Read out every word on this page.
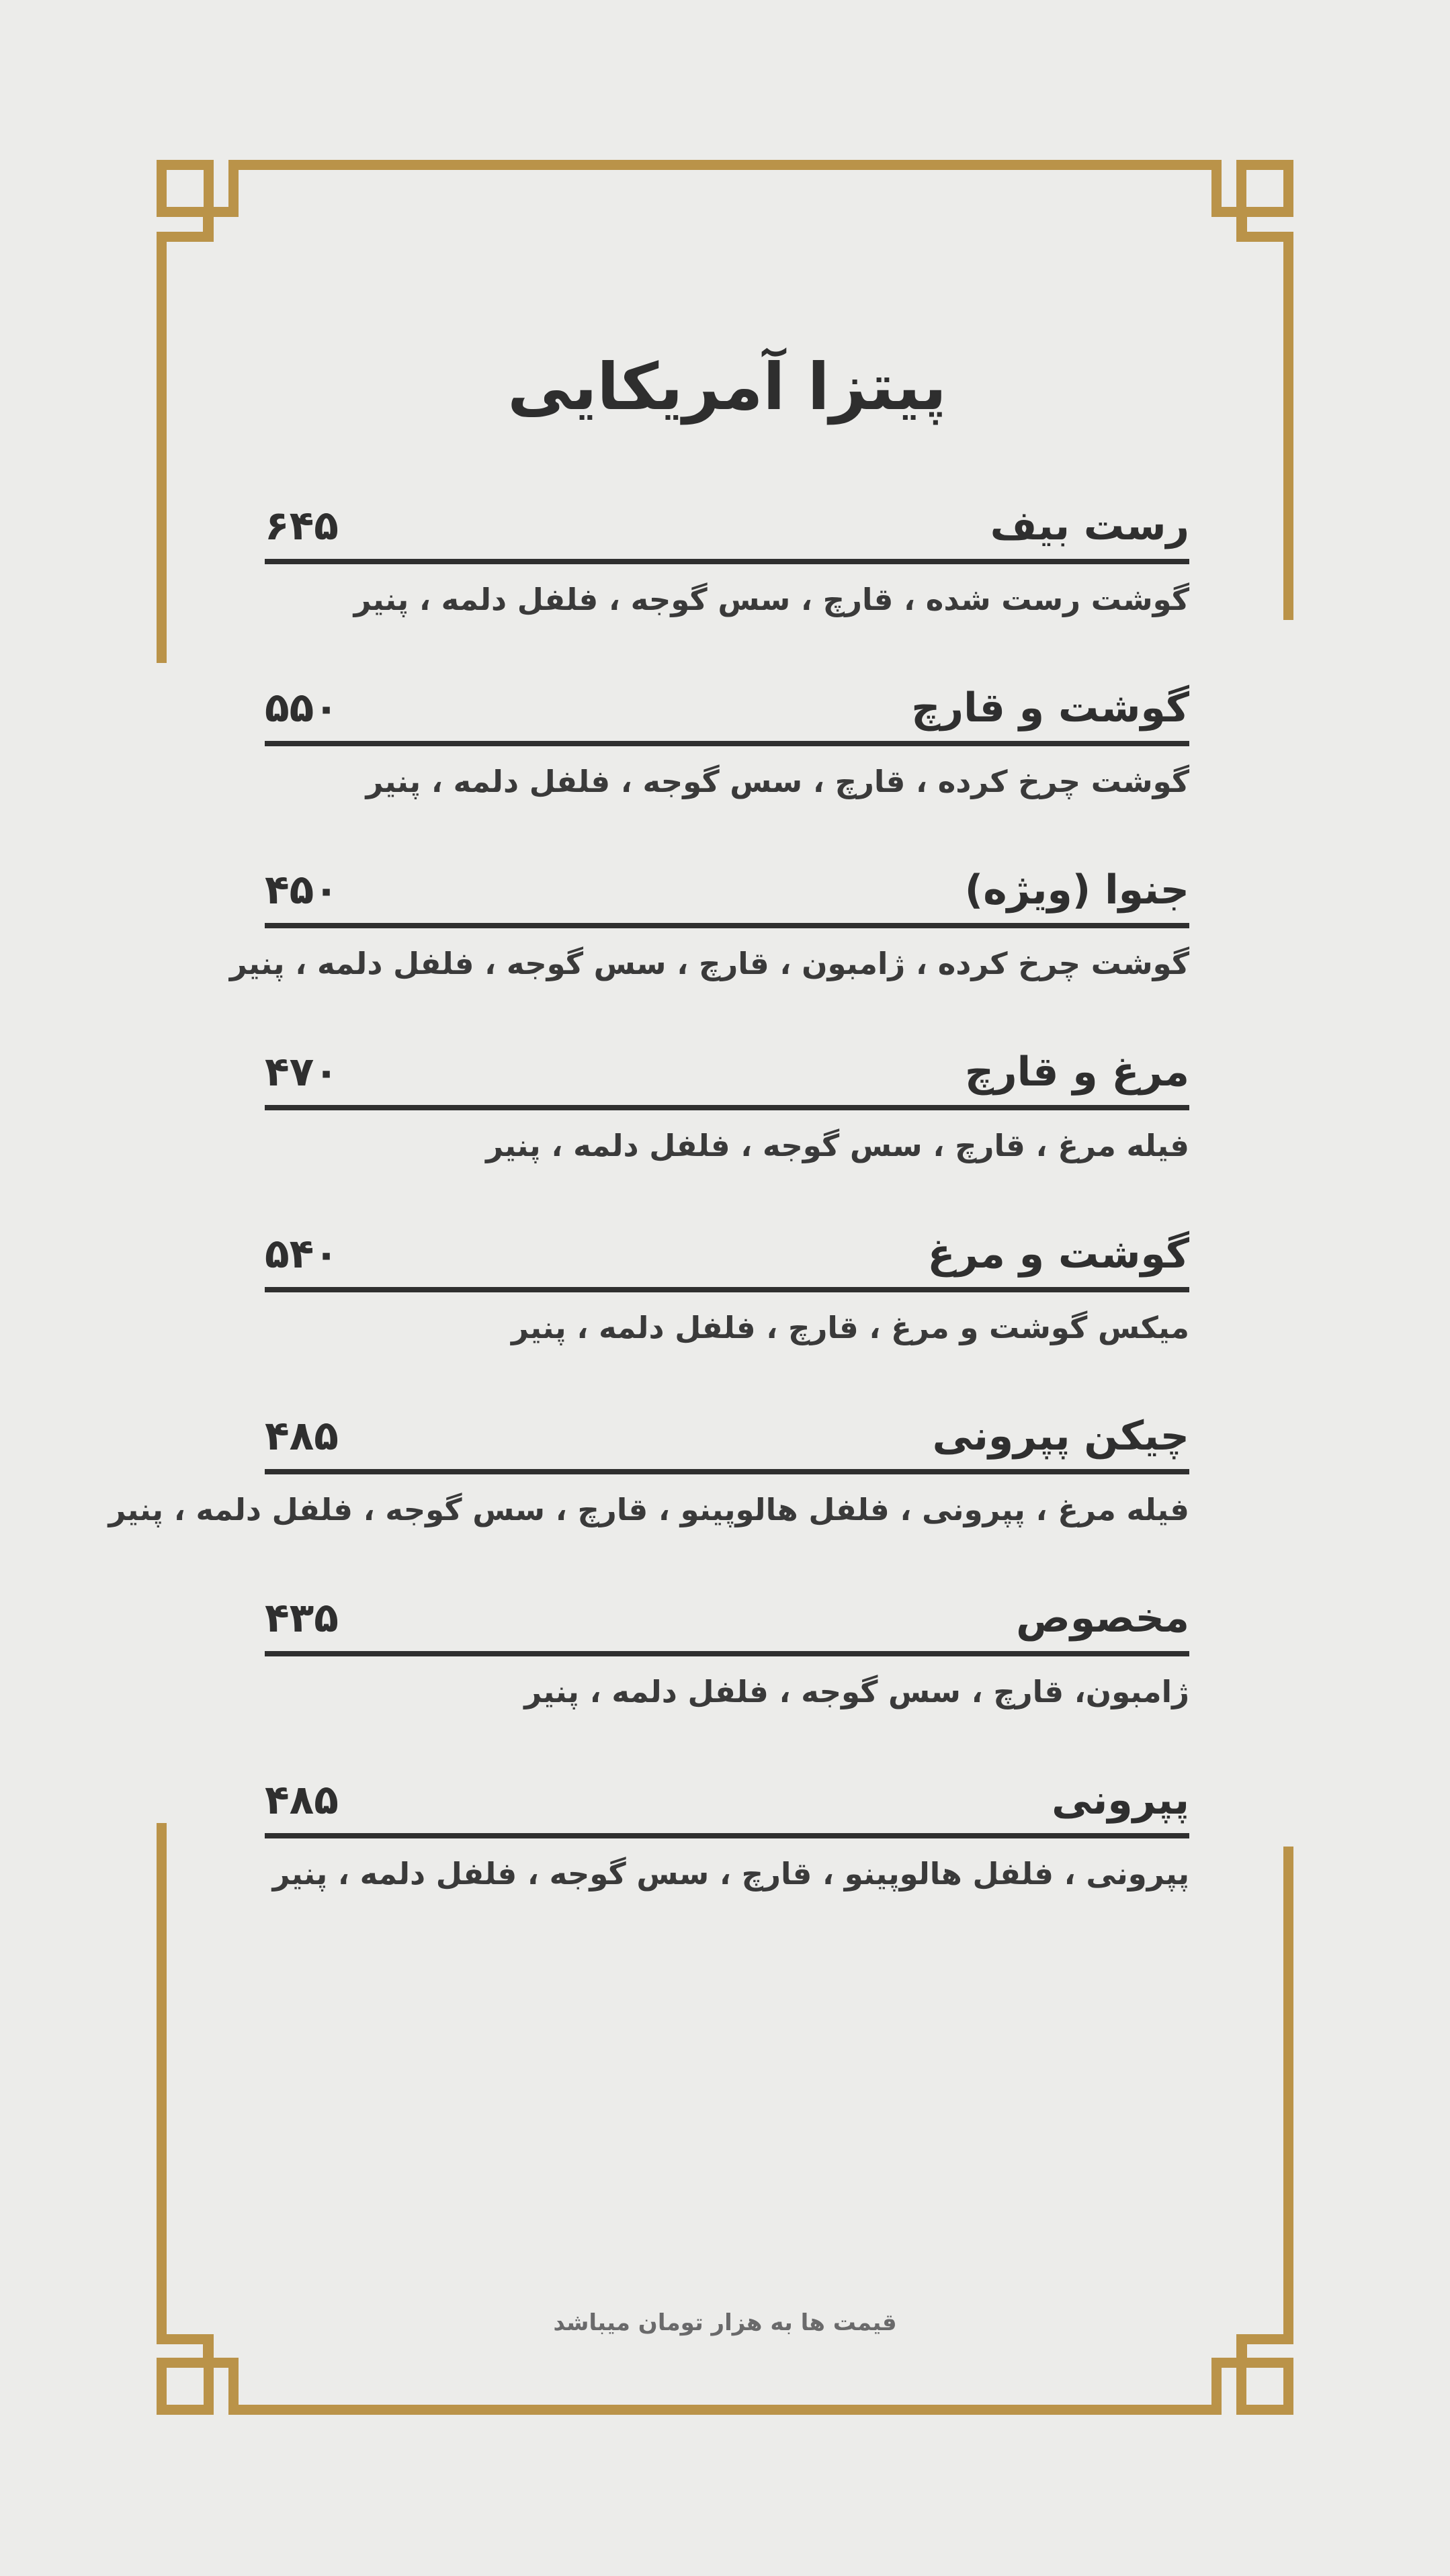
پیتزا آمریکایی
رست بیف
۶۴۵
گوشت رست شده ، قارچ ، سس گوجه ، فلفل دلمه ، پنیر
گوشت و قارچ
۵۵۰
گوشت چرخ کرده ، قارچ ، سس گوجه ، فلفل دلمه ، پنیر
جنوا (ویژه)
۴۵۰
گوشت چرخ کرده ، ژامبون ، قارچ ، سس گوجه ، فلفل دلمه ، پنیر
مرغ و قارچ
۴۷۰
فیله مرغ ، قارچ ، سس گوجه ، فلفل دلمه ، پنیر
گوشت و مرغ
۵۴۰
میکس گوشت و مرغ ، قارچ ، فلفل دلمه ، پنیر
چیکن پپرونی
۴۸۵
فیله مرغ ، پپرونی ، فلفل هالوپینو ، قارچ ، سس گوجه ، فلفل دلمه ، پنیر
مخصوص
۴۳۵
ژامبون، قارچ ، سس گوجه ، فلفل دلمه ، پنیر
پپرونی
۴۸۵
پپرونی ، فلفل هالوپینو ، قارچ ، سس گوجه ، فلفل دلمه ، پنیر
قیمت ها به هزار تومان میباشد
